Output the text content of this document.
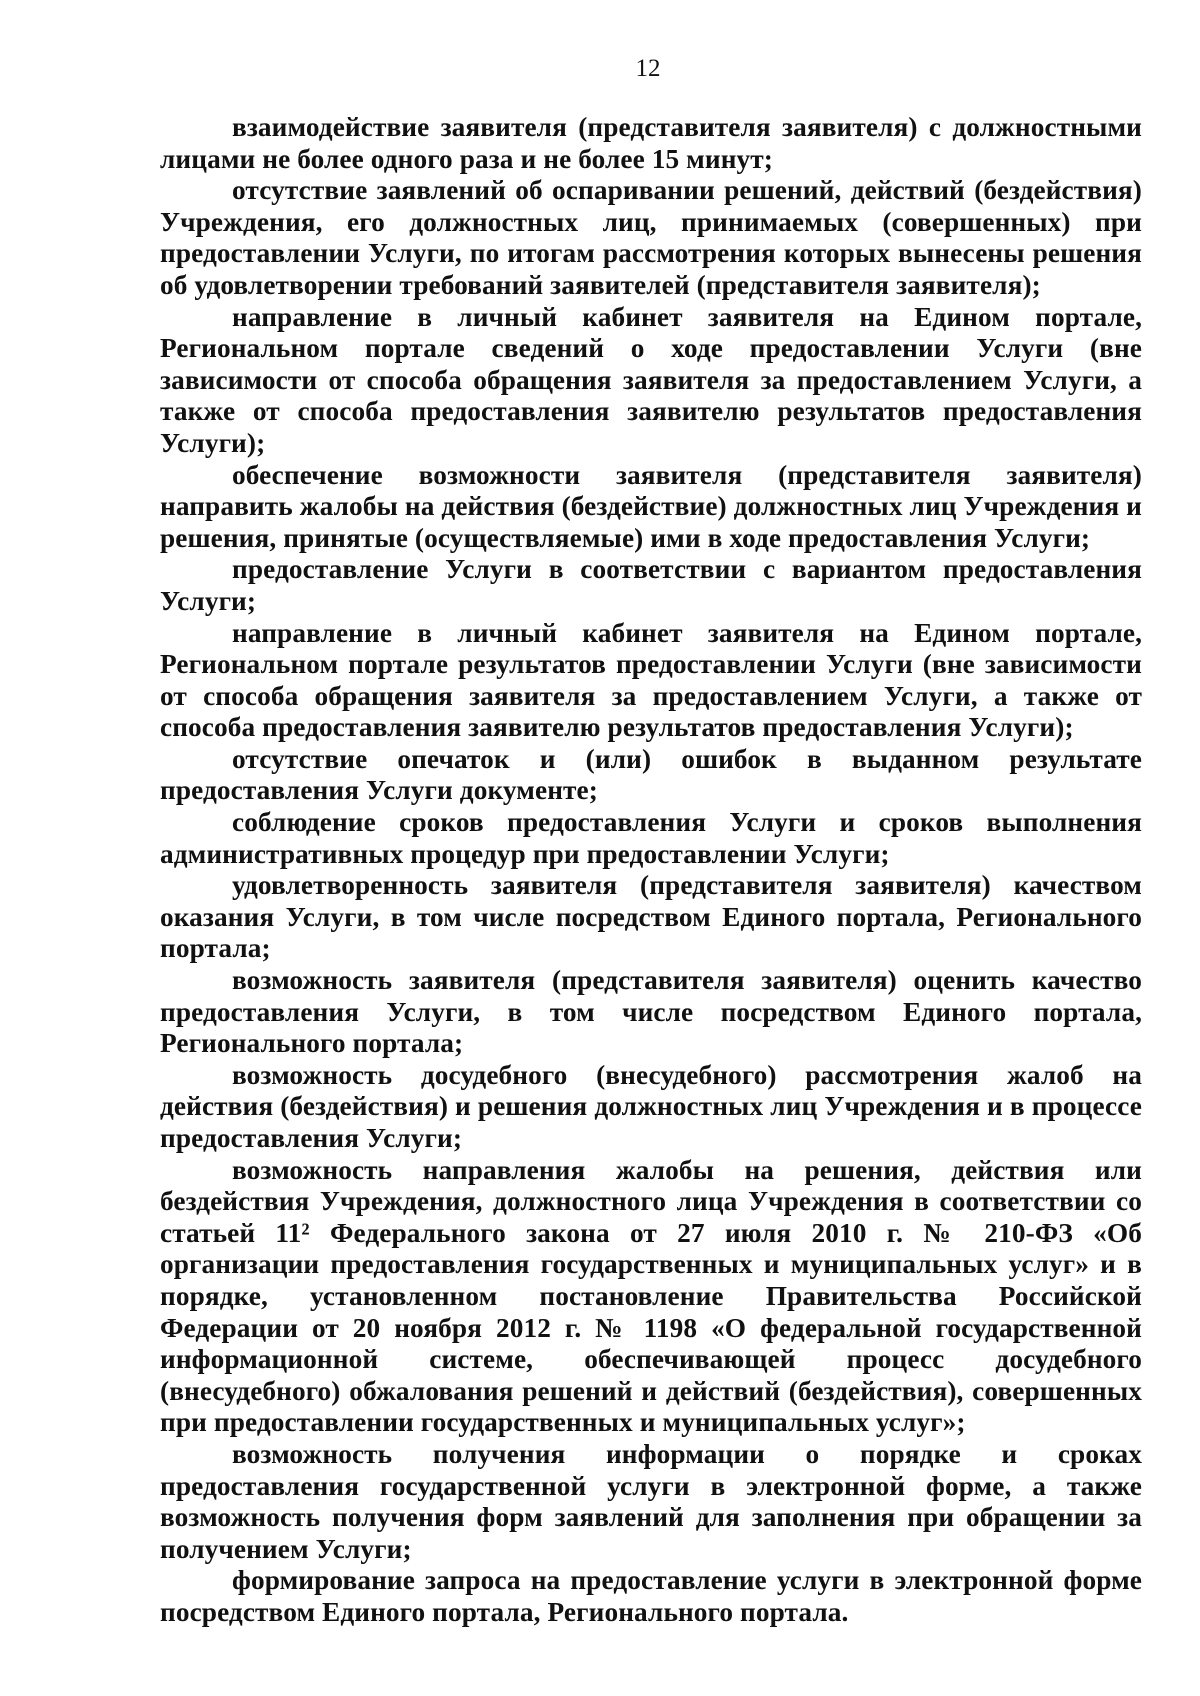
12

взаимодействие заявителя (представителя заявителя) с должностными лицами не более одного раза и не более 15 минут;

отсутствие заявлений об оспаривании решений, действий (бездействия) Учреждения, его должностных лиц, принимаемых (совершенных) при предоставлении Услуги, по итогам рассмотрения которых вынесены решения об удовлетворении требований заявителей (представителя заявителя);

направление в личный кабинет заявителя на Едином портале, Региональном портале сведений о ходе предоставлении Услуги (вне зависимости от способа обращения заявителя за предоставлением Услуги, а также от способа предоставления заявителю результатов предоставления Услуги);

обеспечение возможности заявителя (представителя заявителя) направить жалобы на действия (бездействие) должностных лиц Учреждения и решения, принятые (осуществляемые) ими в ходе предоставления Услуги;

предоставление Услуги в соответствии с вариантом предоставления Услуги;

направление в личный кабинет заявителя на Едином портале, Региональном портале результатов предоставлении Услуги (вне зависимости от способа обращения заявителя за предоставлением Услуги, а также от способа предоставления заявителю результатов предоставления Услуги);

отсутствие опечаток и (или) ошибок в выданном результате предоставления Услуги документе;

соблюдение сроков предоставления Услуги и сроков выполнения административных процедур при предоставлении Услуги;

удовлетворенность заявителя (представителя заявителя) качеством оказания Услуги, в том числе посредством Единого портала, Регионального портала;

возможность заявителя (представителя заявителя) оценить качество предоставления Услуги, в том числе посредством Единого портала, Регионального портала;

возможность досудебного (внесудебного) рассмотрения жалоб на действия (бездействия) и решения должностных лиц Учреждения и в процессе предоставления Услуги;

возможность направления жалобы на решения, действия или бездействия Учреждения, должностного лица Учреждения в соответствии со статьей 11² Федерального закона от 27 июля 2010 г. № 210-ФЗ «Об организации предоставления государственных и муниципальных услуг» и в порядке, установленном постановление Правительства Российской Федерации от 20 ноября 2012 г. № 1198 «О федеральной государственной информационной системе, обеспечивающей процесс досудебного (внесудебного) обжалования решений и действий (бездействия), совершенных при предоставлении государственных и муниципальных услуг»;

возможность получения информации о порядке и сроках предоставления государственной услуги в электронной форме, а также возможность получения форм заявлений для заполнения при обращении за получением Услуги;

формирование запроса на предоставление услуги в электронной форме посредством Единого портала, Регионального портала.
